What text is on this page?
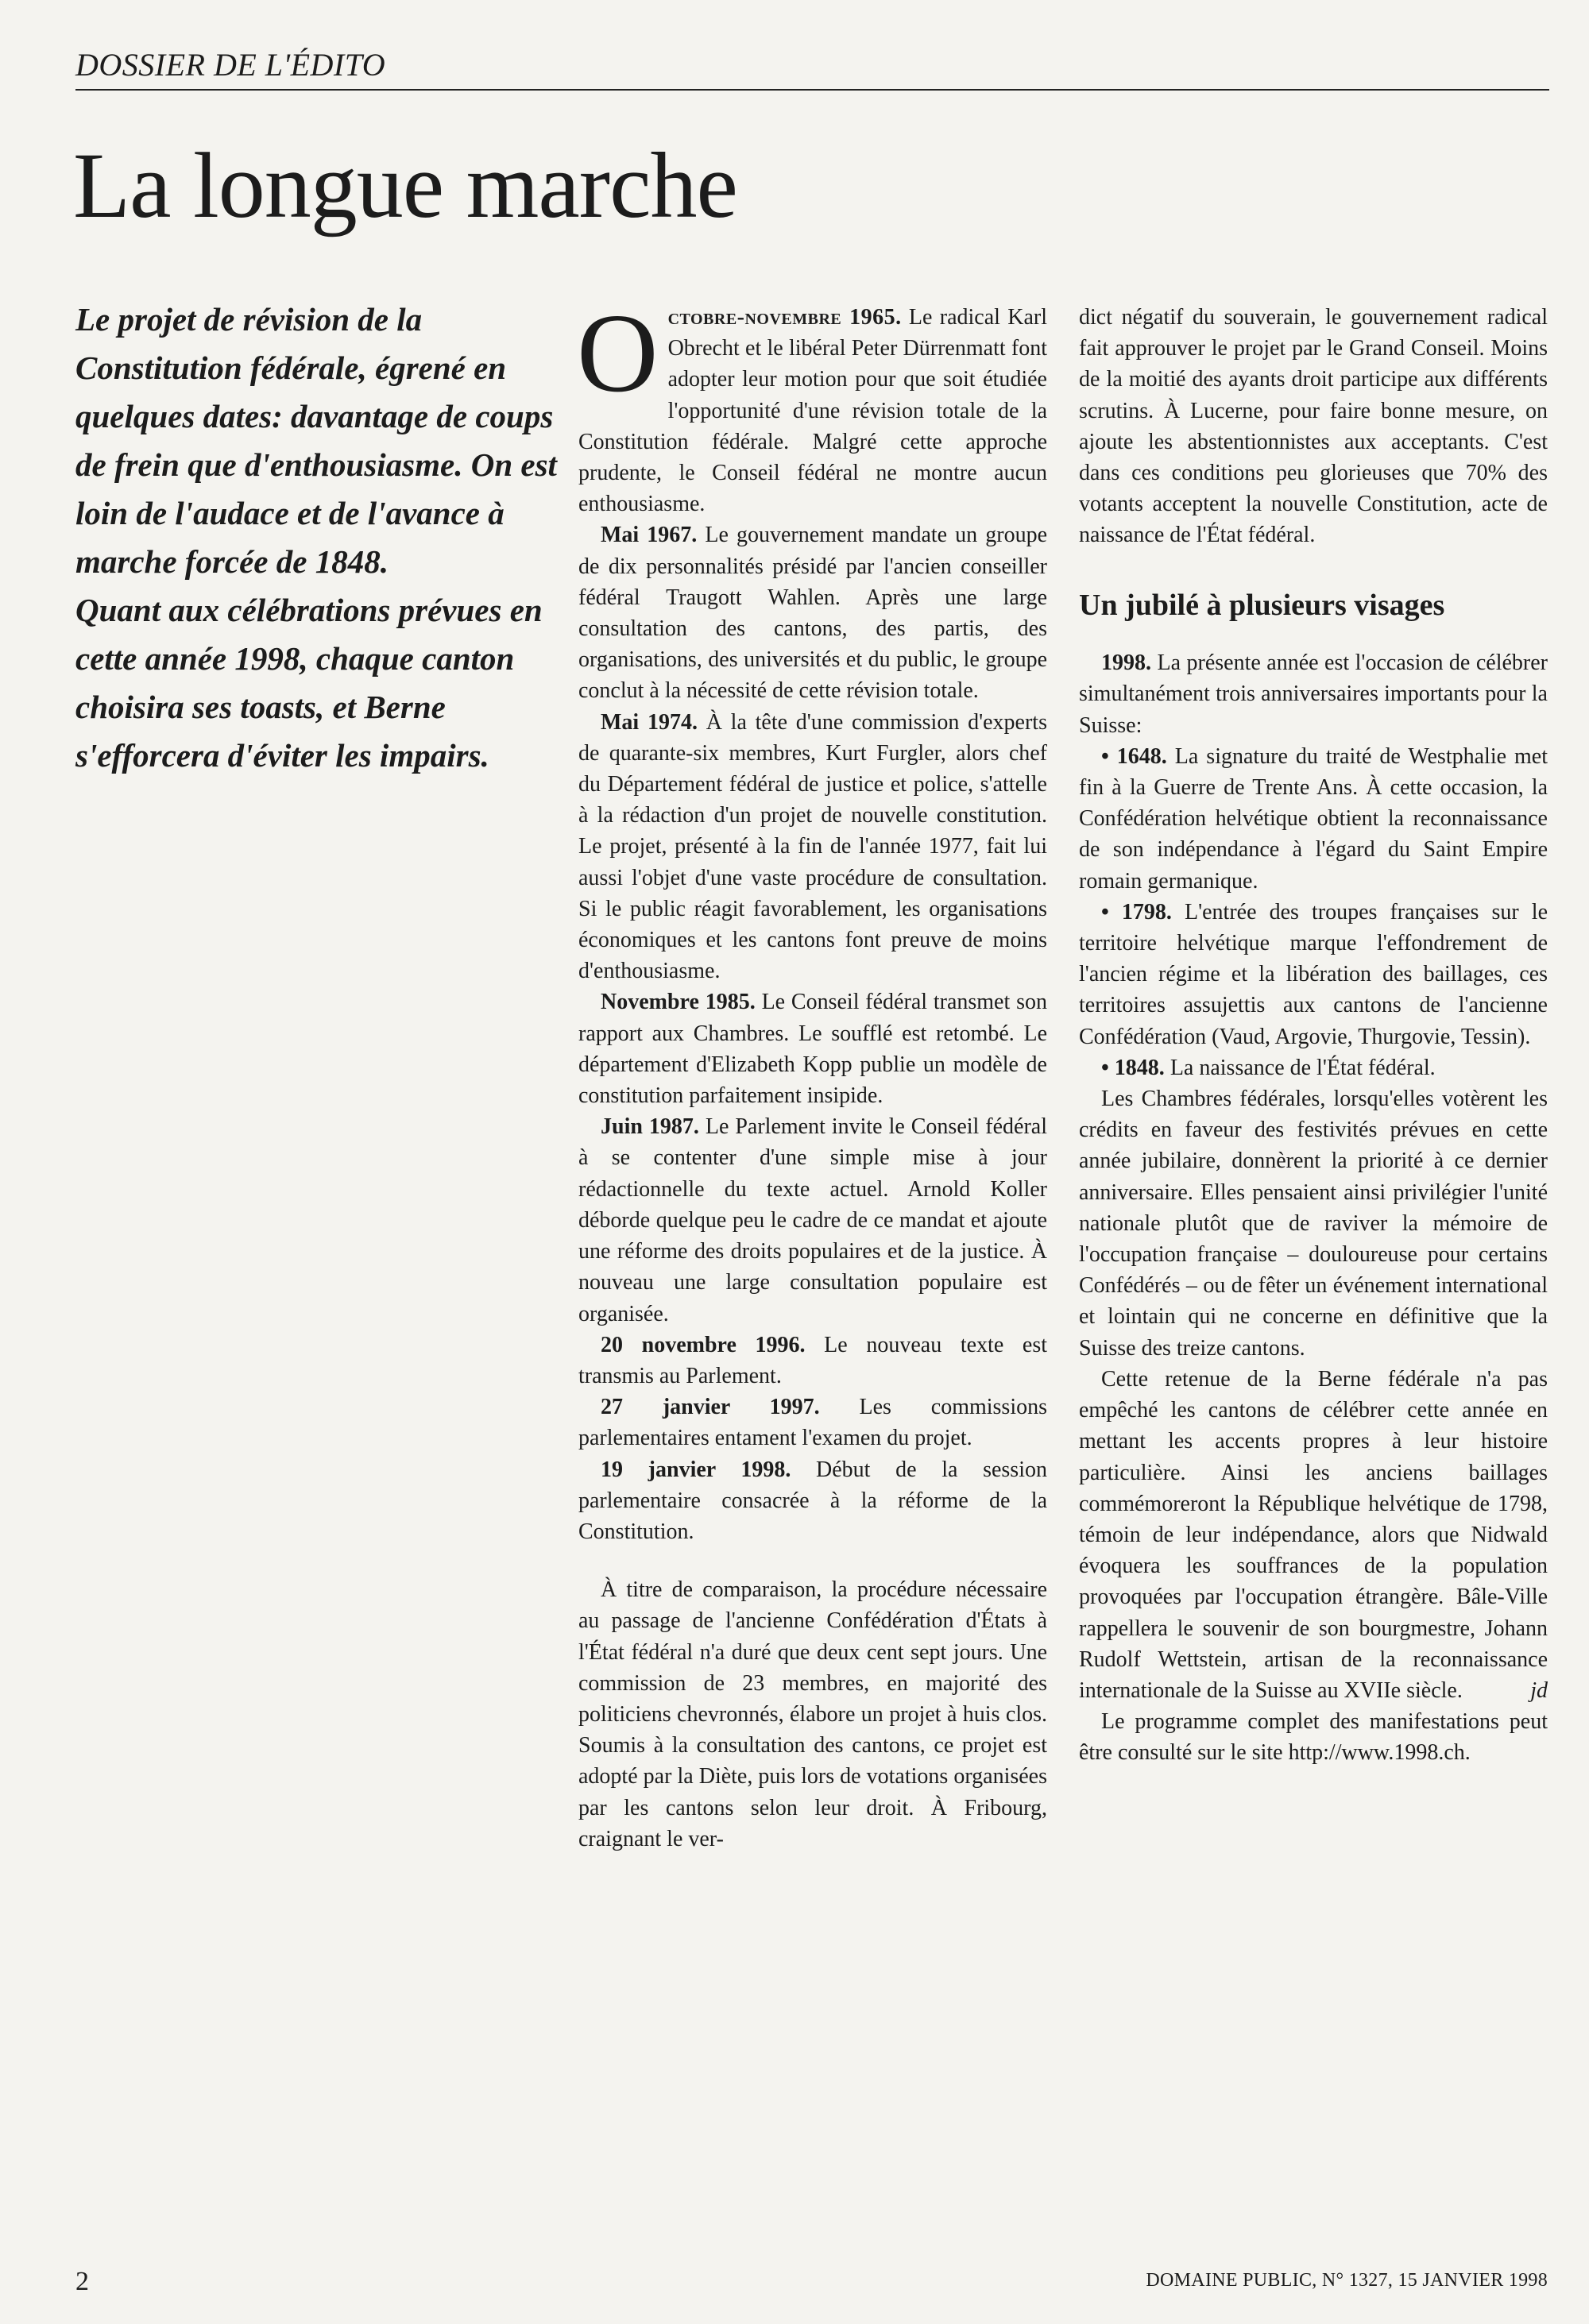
DOSSIER DE L'ÉDITO
La longue marche

Le projet de révision de la Constitution fédérale, égrené en quelques dates: davantage de coups de frein que d'enthousiasme. On est loin de l'audace et de l'avance à marche forcée de 1848.

Quant aux célébrations prévues en cette année 1998, chaque canton choisira ses toasts, et Berne s'efforcera d'éviter les impairs.

Octobre-novembre 1965. Le radical Karl Obrecht et le libéral Peter Dürrenmatt font adopter leur motion pour que soit étudiée l'opportunité d'une révision totale de la Constitution fédérale. Malgré cette approche prudente, le Conseil fédéral ne montre aucun enthousiasme.

Mai 1967. Le gouvernement mandate un groupe de dix personnalités présidé par l'ancien conseiller fédéral Traugott Wahlen. Après une large consultation des cantons, des partis, des organisations, des universités et du public, le groupe conclut à la nécessité de cette révision totale.

Mai 1974. À la tête d'une commission d'experts de quarante-six membres, Kurt Furgler, alors chef du Département fédéral de justice et police, s'attelle à la rédaction d'un projet de nouvelle constitution. Le projet, présenté à la fin de l'année 1977, fait lui aussi l'objet d'une vaste procédure de consultation. Si le public réagit favorablement, les organisations économiques et les cantons font preuve de moins d'enthousiasme.

Novembre 1985. Le Conseil fédéral transmet son rapport aux Chambres. Le soufflé est retombé. Le département d'Elizabeth Kopp publie un modèle de constitution parfaitement insipide.

Juin 1987. Le Parlement invite le Conseil fédéral à se contenter d'une simple mise à jour rédactionnelle du texte actuel. Arnold Koller déborde quelque peu le cadre de ce mandat et ajoute une réforme des droits populaires et de la justice. À nouveau une large consultation populaire est organisée.

20 novembre 1996. Le nouveau texte est transmis au Parlement.

27 janvier 1997. Les commissions parlementaires entament l'examen du projet.

19 janvier 1998. Début de la session parlementaire consacrée à la réforme de la Constitution.

À titre de comparaison, la procédure nécessaire au passage de l'ancienne Confédération d'États à l'État fédéral n'a duré que deux cent sept jours. Une commission de 23 membres, en majorité des politiciens chevronnés, élabore un projet à huis clos. Soumis à la consultation des cantons, ce projet est adopté par la Diète, puis lors de votations organisées par les cantons selon leur droit. À Fribourg, craignant le ver-

dict négatif du souverain, le gouvernement radical fait approuver le projet par le Grand Conseil. Moins de la moitié des ayants droit participe aux différents scrutins. À Lucerne, pour faire bonne mesure, on ajoute les abstentionnistes aux acceptants. C'est dans ces conditions peu glorieuses que 70% des votants acceptent la nouvelle Constitution, acte de naissance de l'État fédéral.

Un jubilé à plusieurs visages

1998. La présente année est l'occasion de célébrer simultanément trois anniversaires importants pour la Suisse:

• 1648. La signature du traité de Westphalie met fin à la Guerre de Trente Ans. À cette occasion, la Confédération helvétique obtient la reconnaissance de son indépendance à l'égard du Saint Empire romain germanique.

• 1798. L'entrée des troupes françaises sur le territoire helvétique marque l'effondrement de l'ancien régime et la libération des baillages, ces territoires assujettis aux cantons de l'ancienne Confédération (Vaud, Argovie, Thurgovie, Tessin).

• 1848. La naissance de l'État fédéral.

Les Chambres fédérales, lorsqu'elles votèrent les crédits en faveur des festivités prévues en cette année jubilaire, donnèrent la priorité à ce dernier anniversaire. Elles pensaient ainsi privilégier l'unité nationale plutôt que de raviver la mémoire de l'occupation française – douloureuse pour certains Confédérés – ou de fêter un événement international et lointain qui ne concerne en définitive que la Suisse des treize cantons.

Cette retenue de la Berne fédérale n'a pas empêché les cantons de célébrer cette année en mettant les accents propres à leur histoire particulière. Ainsi les anciens baillages commémoreront la République helvétique de 1798, témoin de leur indépendance, alors que Nidwald évoquera les souffrances de la population provoquées par l'occupation étrangère. Bâle-Ville rappellera le souvenir de son bourgmestre, Johann Rudolf Wettstein, artisan de la reconnaissance internationale de la Suisse au XVIIe siècle.	jd

Le programme complet des manifestations peut être consulté sur le site http://www.1998.ch.

2	DOMAINE PUBLIC, N° 1327, 15 JANVIER 1998
